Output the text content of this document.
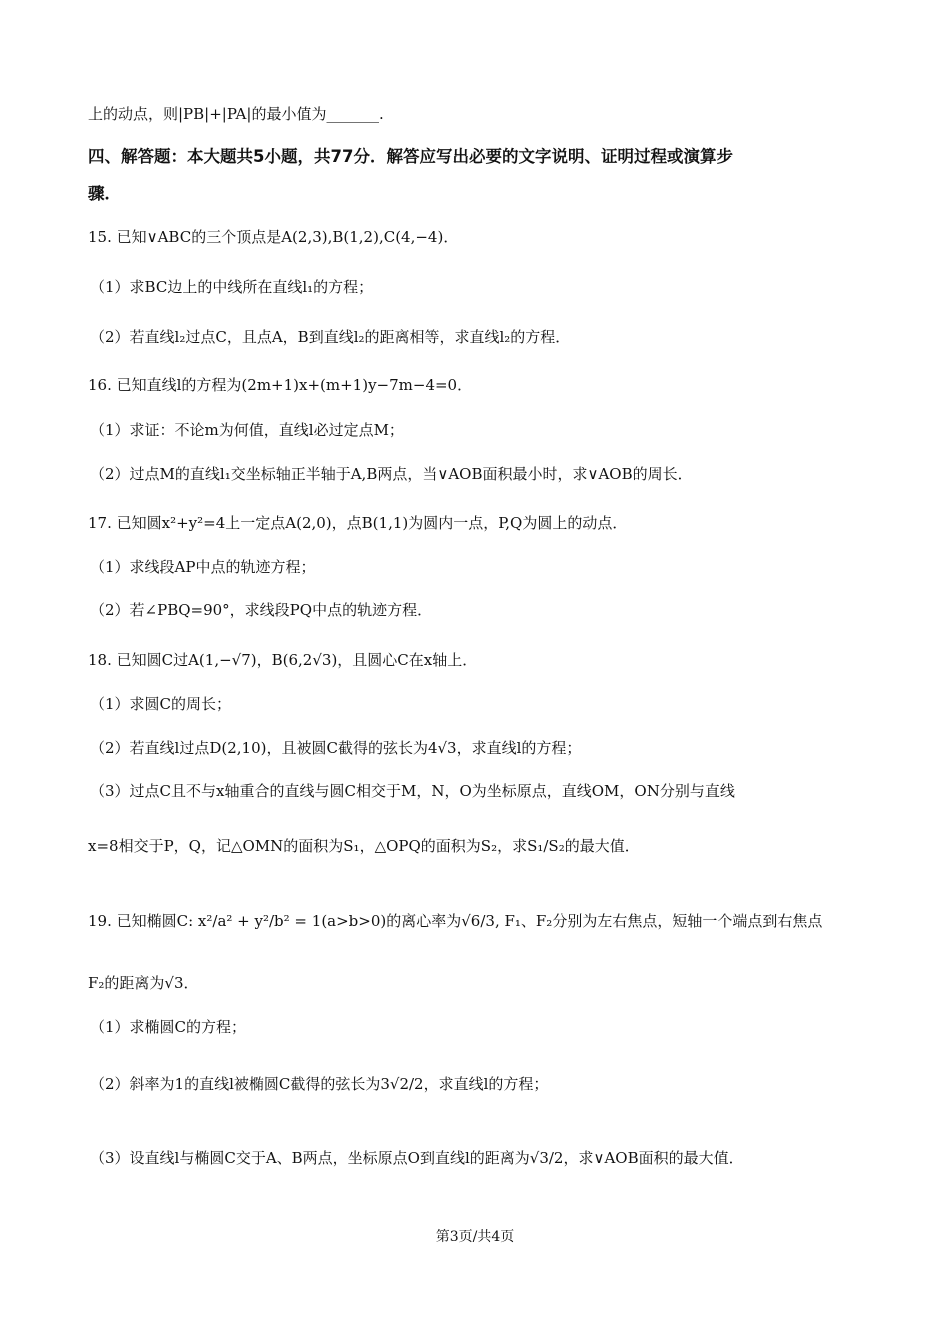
上的动点，则|PB|+|PA|的最小值为_______.
四、解答题：本大题共5小题，共77分．解答应写出必要的文字说明、证明过程或演算步
骤．
15. 已知∨ABC的三个顶点是A(2,3),B(1,2),C(4,−4)．
（1）求BC边上的中线所在直线l₁的方程；
（2）若直线l₂过点C，且点A，B到直线l₂的距离相等，求直线l₂的方程．
16. 已知直线l的方程为(2m+1)x+(m+1)y−7m−4=0．
（1）求证：不论m为何值，直线l必过定点M；
（2）过点M的直线l₁交坐标轴正半轴于A,B两点，当∨AOB面积最小时，求∨AOB的周长．
17. 已知圆x²+y²=4上一定点A(2,0)，点B(1,1)为圆内一点，P,Q为圆上的动点．
（1）求线段AP中点的轨迹方程；
（2）若∠PBQ=90°，求线段PQ中点的轨迹方程．
18. 已知圆C过A(1,−√7)，B(6,2√3)，且圆心C在x轴上．
（1）求圆C的周长；
（2）若直线l过点D(2,10)，且被圆C截得的弦长为4√3，求直线l的方程；
（3）过点C且不与x轴重合的直线与圆C相交于M，N，O为坐标原点，直线OM，ON分别与直线
x=8相交于P，Q，记△OMN的面积为S₁，△OPQ的面积为S₂，求S₁/S₂的最大值．
19. 已知椭圆C: x²/a² + y²/b² = 1(a>b>0)的离心率为√6/3, F₁、F₂分别为左右焦点，短轴一个端点到右焦点
F₂的距离为√3．
（1）求椭圆C的方程；
（2）斜率为1的直线l被椭圆C截得的弦长为3√2/2，求直线l的方程；
（3）设直线l与椭圆C交于A、B两点，坐标原点O到直线l的距离为√3/2，求∨AOB面积的最大值．
第3页/共4页
